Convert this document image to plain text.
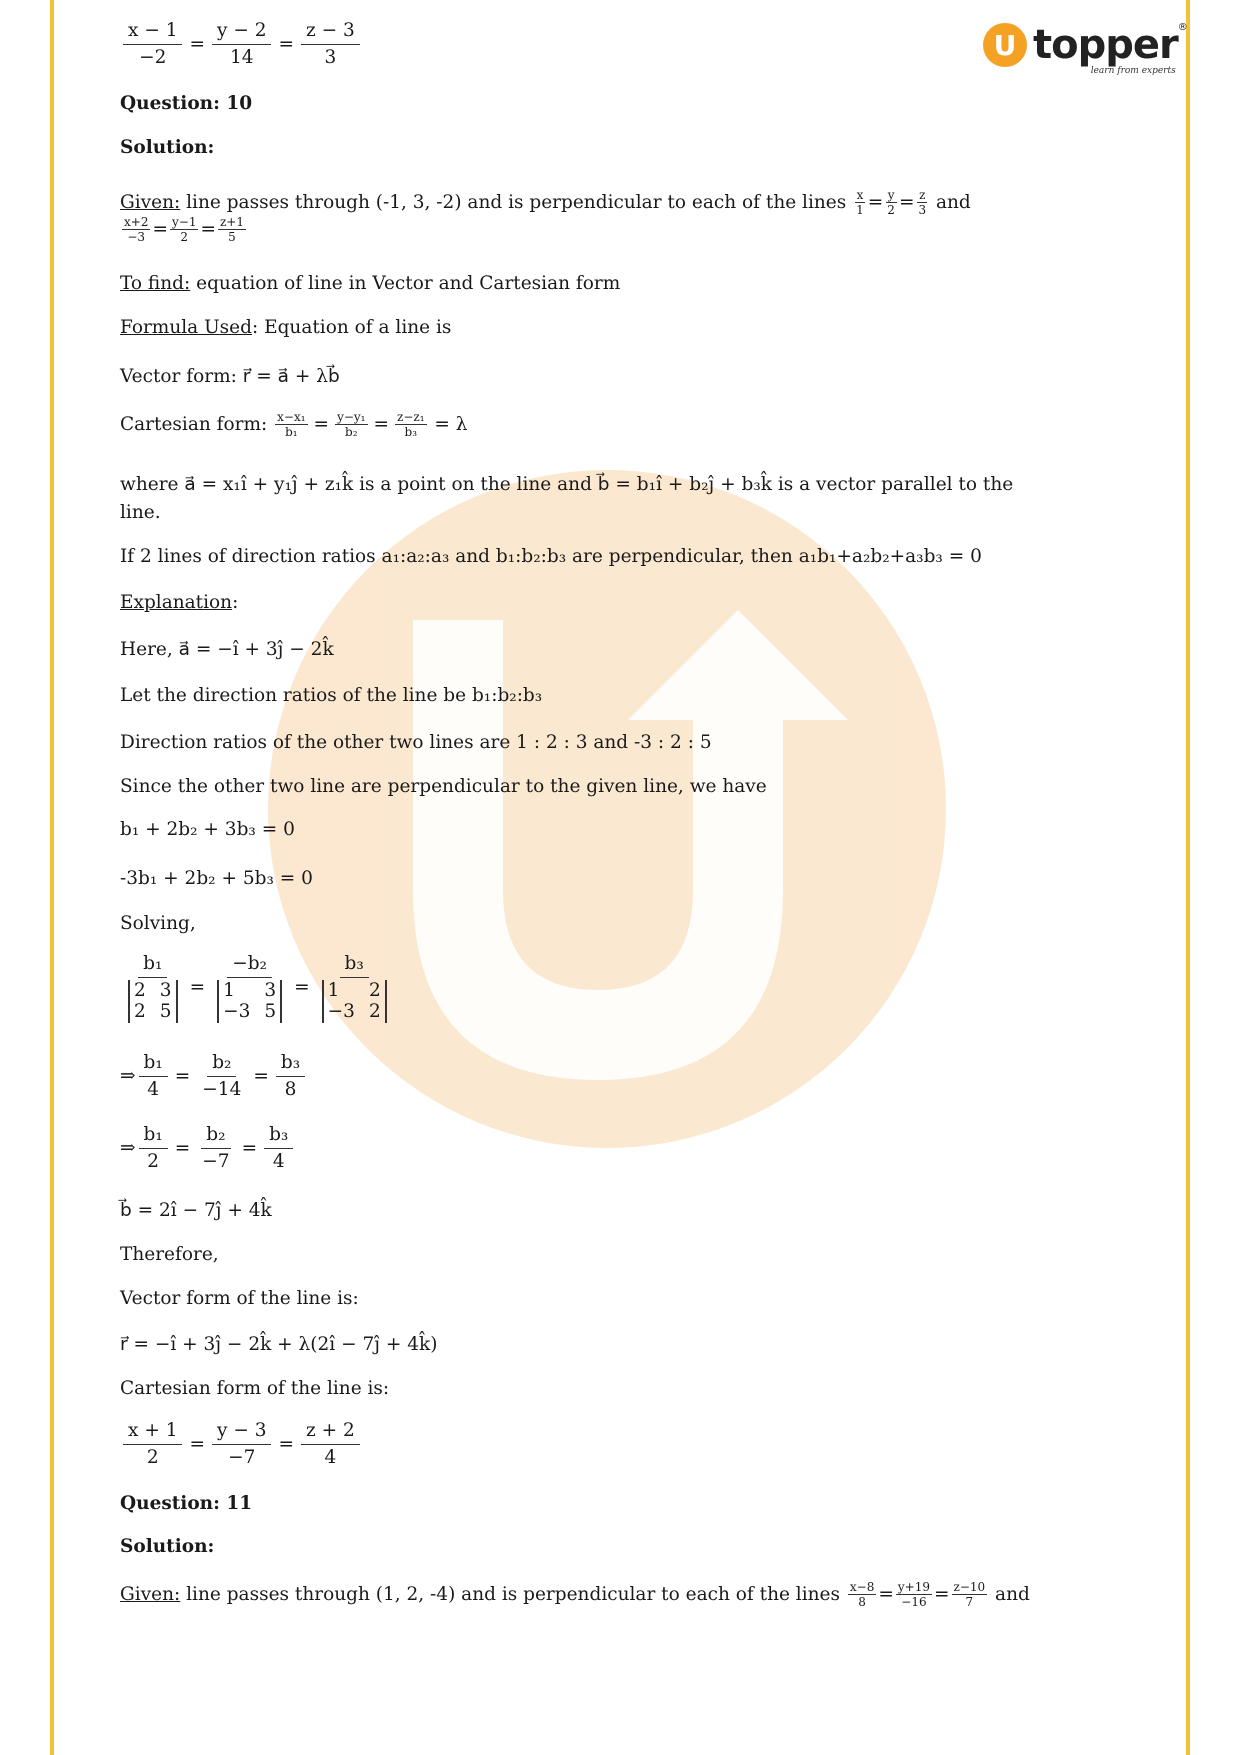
U topper ®
learn from experts
$\frac{x - 1}{-2} = \frac{y - 2}{14} = \frac{z - 3}{3}$
Question: 10
Solution:
Given: line passes through (-1, 3, -2) and is perpendicular to each of the lines $\frac{x}{1} = \frac{y}{2} = \frac{z}{3}$ and
$\frac{x+2}{-3} = \frac{y-1}{2} = \frac{z+1}{5}$
To find: equation of line in Vector and Cartesian form
Formula Used: Equation of a line is
Vector form: r⃗ = a⃗ + λb⃗
Cartesian form: $\frac{\text{x−x₁}}{\text{b₁}} = \frac{\text{y−y₁}}{\text{b₂}} = \frac{\text{z−z₁}}{\text{b₃}} = \lambda$
where a⃗ = x₁î + y₁ĵ + z₁k̂ is a point on the line and b⃗ = b₁î + b₂ĵ + b₃k̂ is a vector parallel to the
line.
If 2 lines of direction ratios a₁:a₂:a₃ and b₁:b₂:b₃ are perpendicular, then a₁b₁+a₂b₂+a₃b₃ = 0
Explanation:
Here, a⃗ = −î + 3ĵ − 2k̂
Let the direction ratios of the line be b₁:b₂:b₃
Direction ratios of the other two lines are 1 : 2 : 3 and -3 : 2 : 5
Since the other two line are perpendicular to the given line, we have
b₁ + 2b₂ + 3b₃ = 0
-3b₁ + 2b₂ + 5b₃ = 0
Solving,
b₁
2 3
2 5 = −b₂
1	3
−3 5 = b₃
1	2
−3 2
⇒ $\frac{\text{b₁}}{4} = \frac{\text{b₂}}{-14} = \frac{\text{b₃}}{8}$
⇒ $\frac{\text{b₁}}{2} = \frac{\text{b₂}}{-7} = \frac{\text{b₃}}{4}$
b⃗ = 2î − 7ĵ + 4k̂
Therefore,
Vector form of the line is:
r⃗ = −î + 3ĵ − 2k̂ + λ(2î − 7ĵ + 4k̂)
Cartesian form of the line is:
$\frac{x + 1}{2} = \frac{y - 3}{-7} = \frac{z + 2}{4}$
Question: 11
Solution:
Given: line passes through (1, 2, -4) and is perpendicular to each of the lines $\frac{x-8}{8} = \frac{y+19}{-16} = \frac{z-10}{7}$ and
